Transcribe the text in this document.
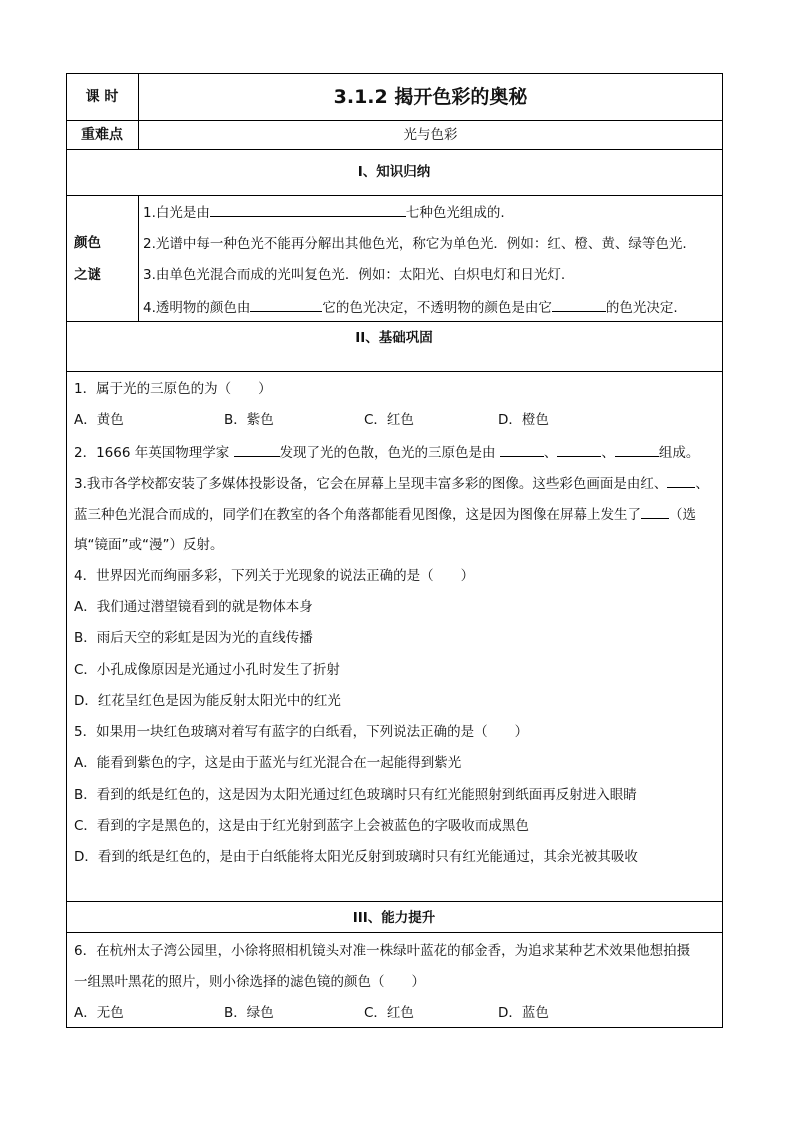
课 时	3.1.2 揭开色彩的奥秘
重难点	光与色彩
I、知识归纳
颜色
之谜
1.白光是由	七种色光组成的.
2.光谱中每一种色光不能再分解出其他色光，称它为单色光．例如：红、橙、黄、绿等色光.
3.由单色光混合而成的光叫复色光．例如：太阳光、白炽电灯和日光灯.
4.透明物的颜色由	它的色光决定，不透明物的颜色是由它	的色光决定.
II、基础巩固
1．属于光的三原色的为（　　）
A．黄色	B．紫色	C．红色	D．橙色
2．1666 年英国物理学家	发现了光的色散，色光的三原色是由	、	、	组成。
3.我市各学校都安装了多媒体投影设备，它会在屏幕上呈现丰富多彩的图像。这些彩色画面是由红、 、
蓝三种色光混合而成的，同学们在教室的各个角落都能看见图像，这是因为图像在屏幕上发生了 （选
填“镜面”或“漫”）反射。
4．世界因光而绚丽多彩，下列关于光现象的说法正确的是（　　）
A．我们通过潜望镜看到的就是物体本身
B．雨后天空的彩虹是因为光的直线传播
C．小孔成像原因是光通过小孔时发生了折射
D．红花呈红色是因为能反射太阳光中的红光
5．如果用一块红色玻璃对着写有蓝字的白纸看，下列说法正确的是（　　）
A．能看到紫色的字，这是由于蓝光与红光混合在一起能得到紫光
B．看到的纸是红色的，这是因为太阳光通过红色玻璃时只有红光能照射到纸面再反射进入眼睛
C．看到的字是黑色的，这是由于红光射到蓝字上会被蓝色的字吸收而成黑色
D．看到的纸是红色的，是由于白纸能将太阳光反射到玻璃时只有红光能通过，其余光被其吸收
III、能力提升
6．在杭州太子湾公园里，小徐将照相机镜头对准一株绿叶蓝花的郁金香，为追求某种艺术效果他想拍摄
一组黑叶黑花的照片，则小徐选择的滤色镜的颜色（　　）
A．无色	B．绿色	C．红色	D．蓝色
